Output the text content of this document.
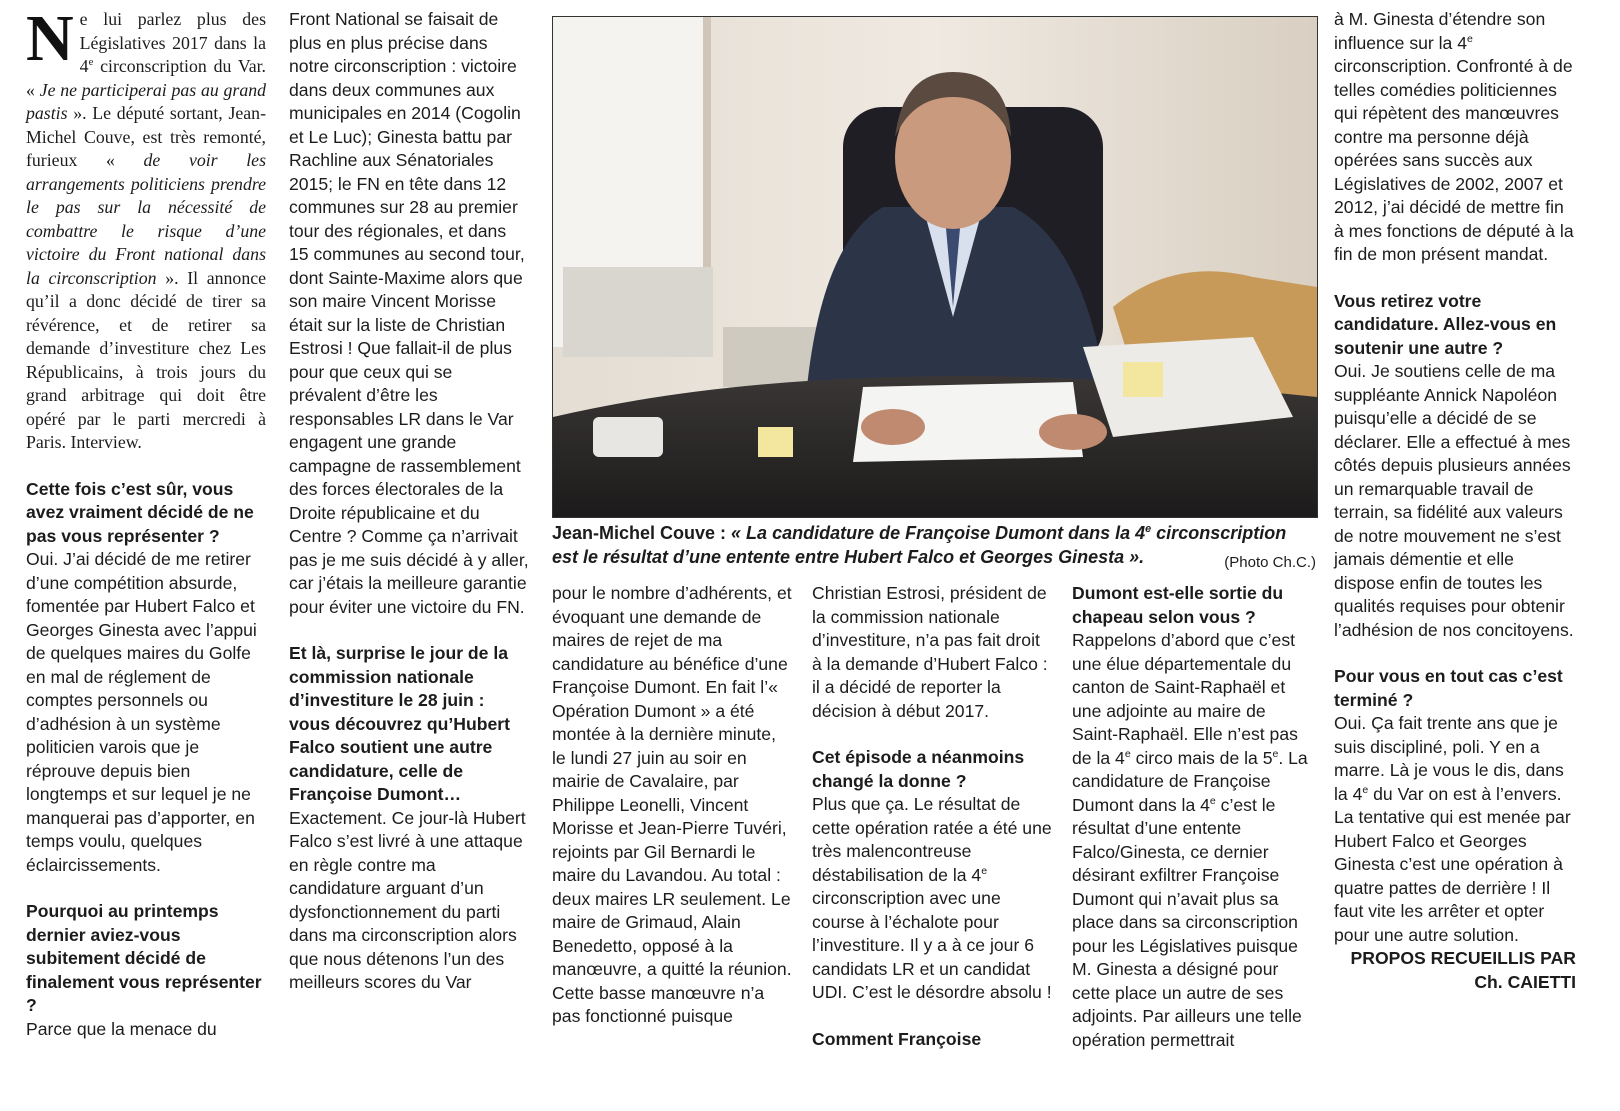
Ne lui parlez plus des Législatives 2017 dans la 4e circonscription du Var. « Je ne participerai pas au grand pastis ». Le député sortant, Jean-Michel Couve, est très remonté, furieux « de voir les arrangements politiciens prendre le pas sur la nécessité de combattre le risque d’une victoire du Front national dans la circonscription ». Il annonce qu’il a donc décidé de tirer sa révérence, et de retirer sa demande d’investiture chez Les Républicains, à trois jours du grand arbitrage qui doit être opéré par le parti mercredi à Paris. Interview.

Cette fois c’est sûr, vous avez vraiment décidé de ne pas vous représenter ?

Oui. J’ai décidé de me retirer d’une compétition absurde, fomentée par Hubert Falco et Georges Ginesta avec l’appui de quelques maires du Golfe en mal de réglement de comptes personnels ou d’adhésion à un système politicien varois que je réprouve depuis bien longtemps et sur lequel je ne manquerai pas d’apporter, en temps voulu, quelques éclaircissements.

Pourquoi au printemps dernier aviez-vous subitement décidé de finalement vous représenter ?

Parce que la menace du

Front National se faisait de plus en plus précise dans notre circonscription : victoire dans deux communes aux municipales en 2014 (Cogolin et Le Luc); Ginesta battu par Rachline aux Sénatoriales 2015; le FN en tête dans 12 communes sur 28 au premier tour des régionales, et dans 15 communes au second tour, dont Sainte-Maxime alors que son maire Vincent Morisse était sur la liste de Christian Estrosi ! Que fallait-il de plus pour que ceux qui se prévalent d’être les responsables LR dans le Var engagent une grande campagne de rassemblement des forces électorales de la Droite républicaine et du Centre ? Comme ça n’arrivait pas je me suis décidé à y aller, car j’étais la meilleure garantie pour éviter une victoire du FN.

Et là, surprise le jour de la commission nationale d’investiture le 28 juin : vous découvrez qu’Hubert Falco soutient une autre candidature, celle de Françoise Dumont…

Exactement. Ce jour-là Hubert Falco s’est livré à une attaque en règle contre ma candidature arguant d’un dysfonctionnement du parti dans ma circonscription alors que nous détenons l’un des meilleurs scores du Var

Jean-Michel Couve : « La candidature de Françoise Dumont dans la 4e circonscription est le résultat d’une entente entre Hubert Falco et Georges Ginesta ».	(Photo Ch.C.)

pour le nombre d’adhérents, et évoquant une demande de maires de rejet de ma candidature au bénéfice d’une Françoise Dumont. En fait l’« Opération Dumont » a été montée à la dernière minute, le lundi 27 juin au soir en mairie de Cavalaire, par Philippe Leonelli, Vincent Morisse et Jean-Pierre Tuvéri, rejoints par Gil Bernardi le maire du Lavandou. Au total : deux maires LR seulement. Le maire de Grimaud, Alain Benedetto, opposé à la manœuvre, a quitté la réunion.

Cette basse manœuvre n’a pas fonctionné puisque

Christian Estrosi, président de la commission nationale d’investiture, n’a pas fait droit à la demande d’Hubert Falco : il a décidé de reporter la décision à début 2017.

Cet épisode a néanmoins changé la donne ?

Plus que ça. Le résultat de cette opération ratée a été une très malencontreuse déstabilisation de la 4e circonscription avec une course à l’échalote pour l’investiture. Il y a à ce jour 6 candidats LR et un candidat UDI. C’est le désordre absolu !

Comment Françoise

Dumont est-elle sortie du chapeau selon vous ?

Rappelons d’abord que c’est une élue départementale du canton de Saint-Raphaël et une adjointe au maire de Saint-Raphaël. Elle n’est pas de la 4e circo mais de la 5e. La candidature de Françoise Dumont dans la 4e c’est le résultat d’une entente Falco/Ginesta, ce dernier désirant exfiltrer Françoise Dumont qui n’avait plus sa place dans sa circonscription pour les Législatives puisque M. Ginesta a désigné pour cette place un autre de ses adjoints. Par ailleurs une telle opération permettrait

à M. Ginesta d’étendre son influence sur la 4e circonscription. Confronté à de telles comédies politiciennes qui répètent des manœuvres contre ma personne déjà opérées sans succès aux Législatives de 2002, 2007 et 2012, j’ai décidé de mettre fin à mes fonctions de député à la fin de mon présent mandat.

Vous retirez votre candidature. Allez-vous en soutenir une autre ?

Oui. Je soutiens celle de ma suppléante Annick Napoléon puisqu’elle a décidé de se déclarer. Elle a effectué à mes côtés depuis plusieurs années un remarquable travail de terrain, sa fidélité aux valeurs de notre mouvement ne s’est jamais démentie et elle dispose enfin de toutes les qualités requises pour obtenir l’adhésion de nos concitoyens.

Pour vous en tout cas c’est terminé ?

Oui. Ça fait trente ans que je suis discipliné, poli. Y en a marre. Là je vous le dis, dans la 4e du Var on est à l’envers. La tentative qui est menée par Hubert Falco et Georges Ginesta c’est une opération à quatre pattes de derrière ! Il faut vite les arrêter et opter pour une autre solution.

PROPOS RECUEILLIS PAR

Ch. CAIETTI
